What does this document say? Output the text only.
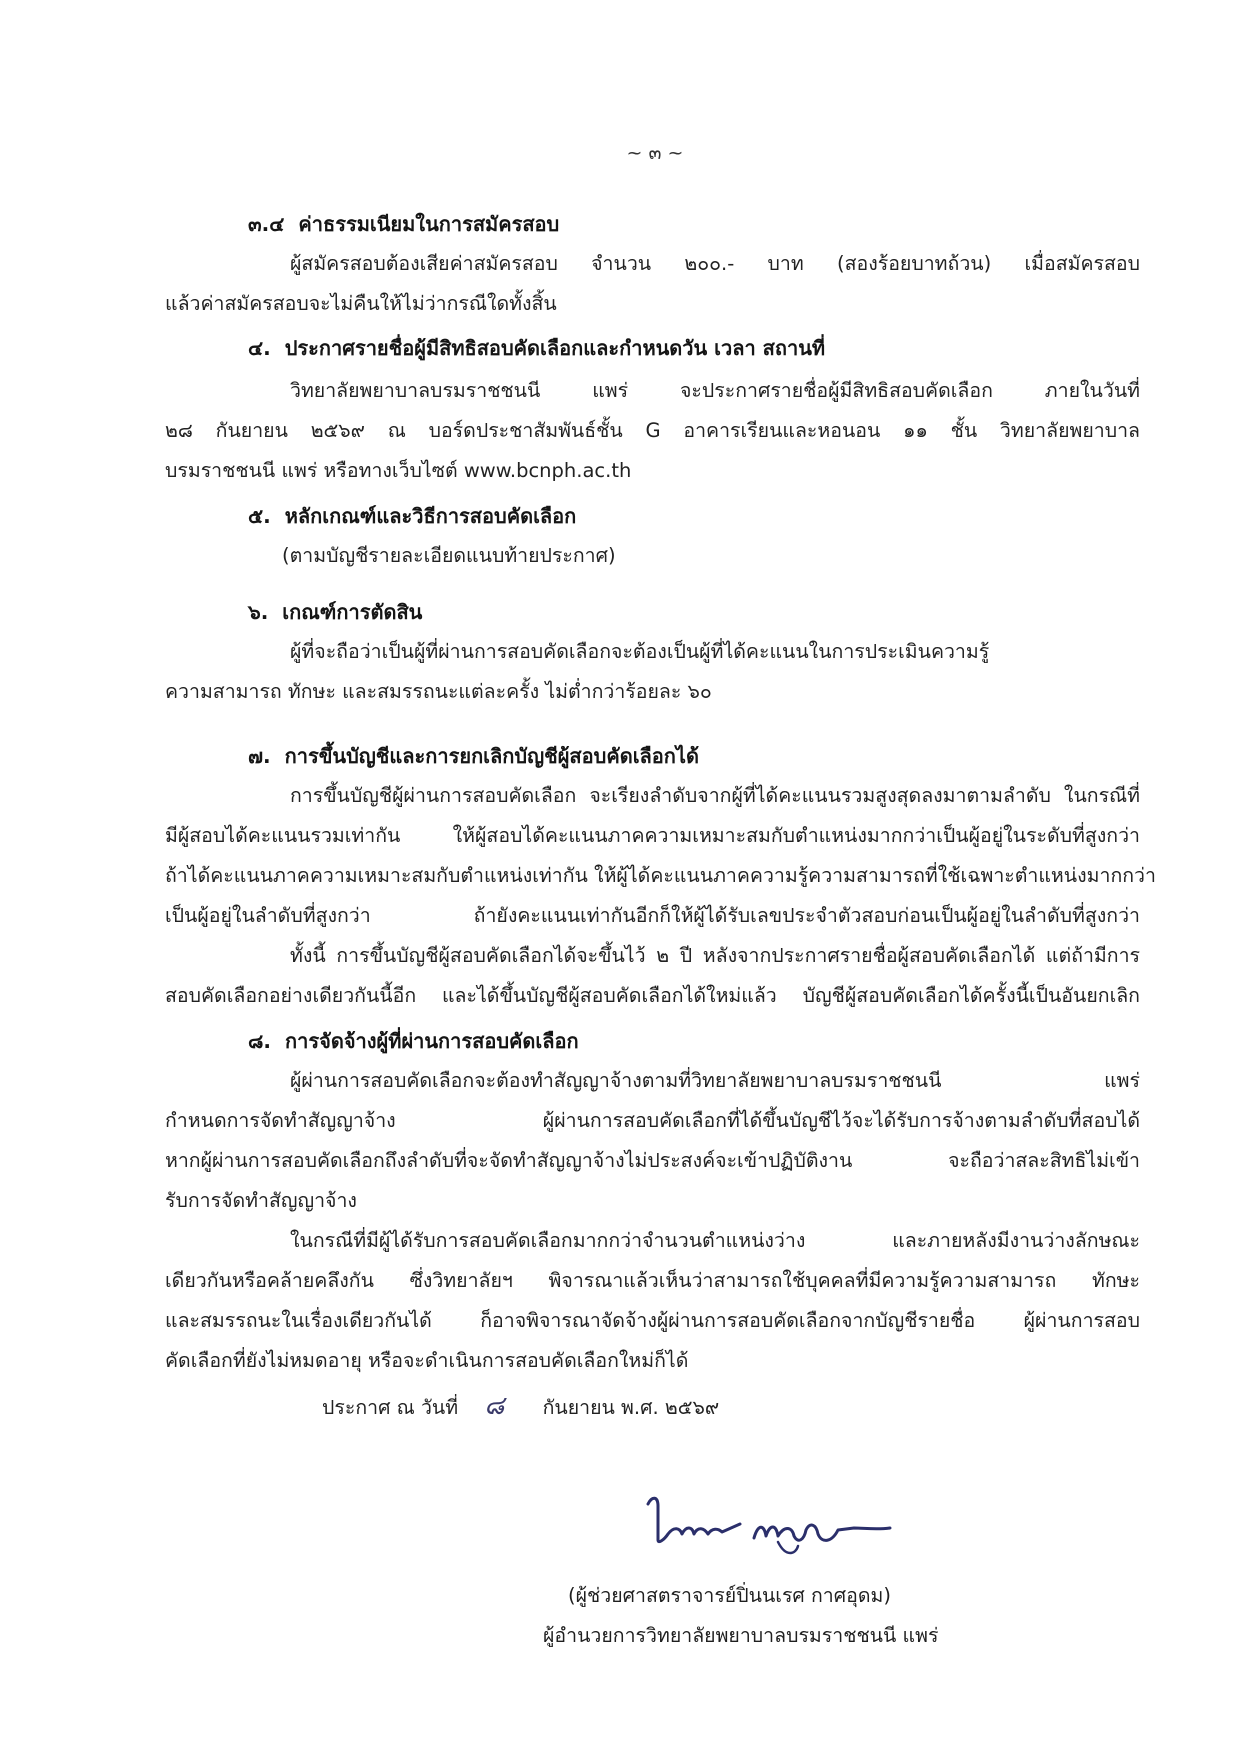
~ ๓ ~
๓.๔ ค่าธรรมเนียมในการสมัครสอบ
ผู้สมัครสอบต้องเสียค่าสมัครสอบ จำนวน ๒๐๐.- บาท (สองร้อยบาทถ้วน) เมื่อสมัครสอบ
แล้วค่าสมัครสอบจะไม่คืนให้ไม่ว่ากรณีใดทั้งสิ้น
๔. ประกาศรายชื่อผู้มีสิทธิสอบคัดเลือกและกำหนดวัน เวลา สถานที่
วิทยาลัยพยาบาลบรมราชชนนี แพร่ จะประกาศรายชื่อผู้มีสิทธิสอบคัดเลือก ภายในวันที่
๒๘ กันยายน ๒๕๖๙ ณ บอร์ดประชาสัมพันธ์ชั้น G อาคารเรียนและหอนอน ๑๑ ชั้น วิทยาลัยพยาบาล
บรมราชชนนี แพร่ หรือทางเว็บไซต์ www.bcnph.ac.th
๕. หลักเกณฑ์และวิธีการสอบคัดเลือก
(ตามบัญชีรายละเอียดแนบท้ายประกาศ)
๖. เกณฑ์การตัดสิน
ผู้ที่จะถือว่าเป็นผู้ที่ผ่านการสอบคัดเลือกจะต้องเป็นผู้ที่ได้คะแนนในการประเมินความรู้
ความสามารถ ทักษะ และสมรรถนะแต่ละครั้ง ไม่ต่ำกว่าร้อยละ ๖๐
๗. การขึ้นบัญชีและการยกเลิกบัญชีผู้สอบคัดเลือกได้
การขึ้นบัญชีผู้ผ่านการสอบคัดเลือก จะเรียงลำดับจากผู้ที่ได้คะแนนรวมสูงสุดลงมาตามลำดับ ในกรณีที่
มีผู้สอบได้คะแนนรวมเท่ากัน ให้ผู้สอบได้คะแนนภาคความเหมาะสมกับตำแหน่งมากกว่าเป็นผู้อยู่ในระดับที่สูงกว่า
ถ้าได้คะแนนภาคความเหมาะสมกับตำแหน่งเท่ากัน ให้ผู้ได้คะแนนภาคความรู้ความสามารถที่ใช้เฉพาะตำแหน่งมากกว่า
เป็นผู้อยู่ในลำดับที่สูงกว่า ถ้ายังคะแนนเท่ากันอีกก็ให้ผู้ได้รับเลขประจำตัวสอบก่อนเป็นผู้อยู่ในลำดับที่สูงกว่า
ทั้งนี้ การขึ้นบัญชีผู้สอบคัดเลือกได้จะขึ้นไว้ ๒ ปี หลังจากประกาศรายชื่อผู้สอบคัดเลือกได้ แต่ถ้ามีการ
สอบคัดเลือกอย่างเดียวกันนี้อีก และได้ขึ้นบัญชีผู้สอบคัดเลือกได้ใหม่แล้ว บัญชีผู้สอบคัดเลือกได้ครั้งนี้เป็นอันยกเลิก
๘. การจัดจ้างผู้ที่ผ่านการสอบคัดเลือก
ผู้ผ่านการสอบคัดเลือกจะต้องทำสัญญาจ้างตามที่วิทยาลัยพยาบาลบรมราชชนนี แพร่
กำหนดการจัดทำสัญญาจ้าง ผู้ผ่านการสอบคัดเลือกที่ได้ขึ้นบัญชีไว้จะได้รับการจ้างตามลำดับที่สอบได้
หากผู้ผ่านการสอบคัดเลือกถึงลำดับที่จะจัดทำสัญญาจ้างไม่ประสงค์จะเข้าปฏิบัติงาน จะถือว่าสละสิทธิไม่เข้า
รับการจัดทำสัญญาจ้าง
ในกรณีที่มีผู้ได้รับการสอบคัดเลือกมากกว่าจำนวนตำแหน่งว่าง และภายหลังมีงานว่างลักษณะ
เดียวกันหรือคล้ายคลึงกัน ซึ่งวิทยาลัยฯ พิจารณาแล้วเห็นว่าสามารถใช้บุคคลที่มีความรู้ความสามารถ ทักษะ
และสมรรถนะในเรื่องเดียวกันได้ ก็อาจพิจารณาจัดจ้างผู้ผ่านการสอบคัดเลือกจากบัญชีรายชื่อ ผู้ผ่านการสอบ
คัดเลือกที่ยังไม่หมดอายุ หรือจะดำเนินการสอบคัดเลือกใหม่ก็ได้
ประกาศ ณ วันที่ ๘ กันยายน พ.ศ. ๒๕๖๙
(ผู้ช่วยศาสตราจารย์ปิ่นนเรศ กาศอุดม)
ผู้อำนวยการวิทยาลัยพยาบาลบรมราชชนนี แพร่
